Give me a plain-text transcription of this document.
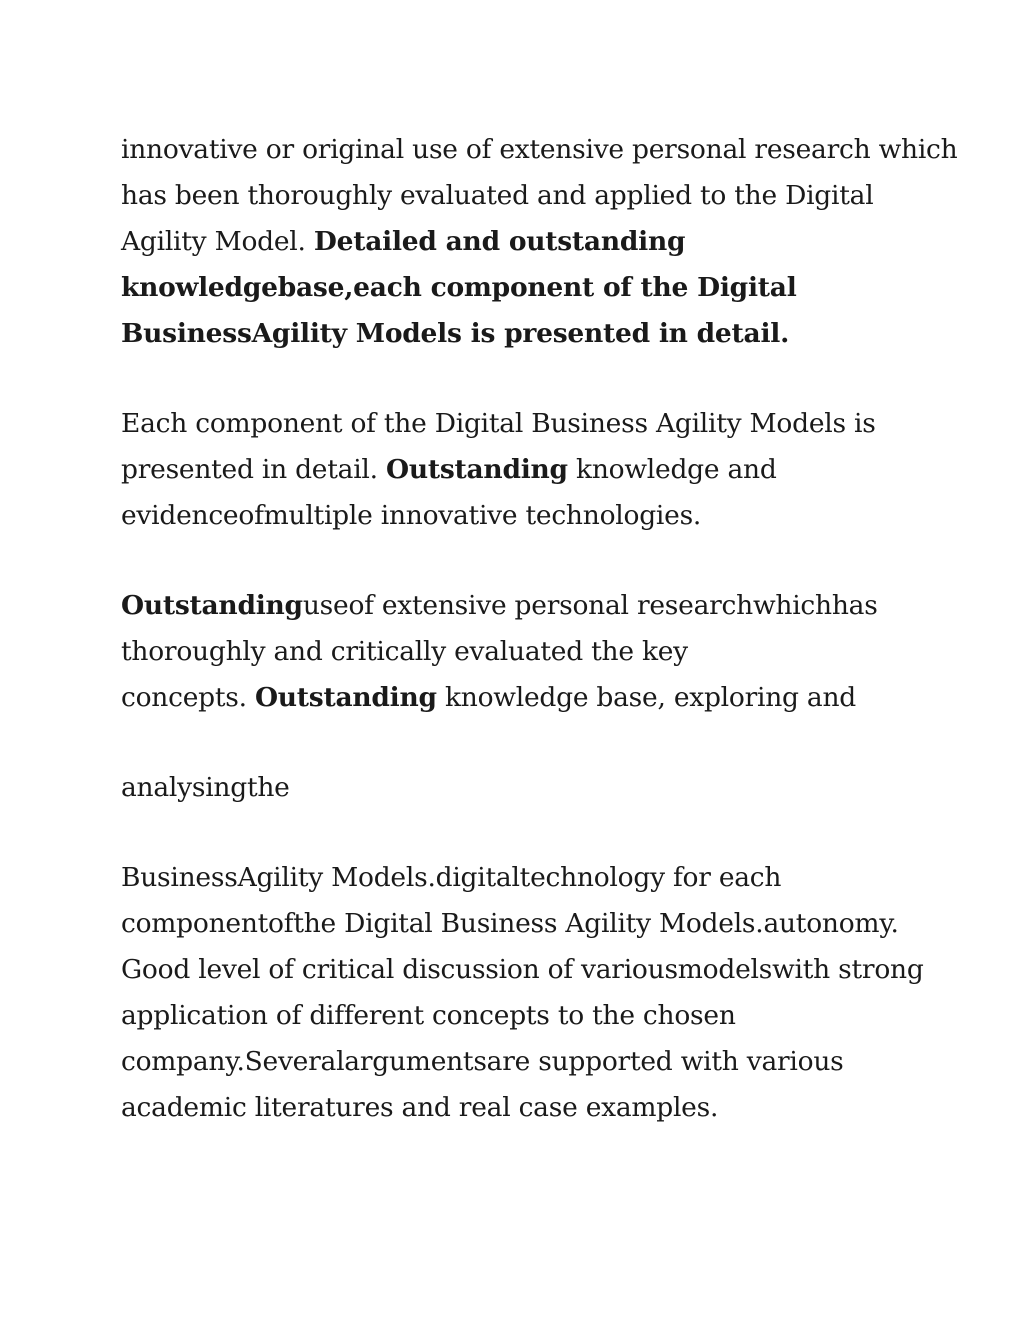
innovative or original use of extensive personal research which
has been thoroughly evaluated and applied to the Digital
Agility Model. Detailed and outstanding
knowledgebase,each component of the Digital
BusinessAgility Models is presented in detail.

Each component of the Digital Business Agility Models is
presented in detail. Outstanding knowledge and
evidenceofmultiple innovative technologies.

Outstandinguseof extensive personal researchwhichhas
thoroughly and critically evaluated the key
concepts. Outstanding knowledge base, exploring and

analysingthe

BusinessAgility Models.digitaltechnology for each
componentofthe Digital Business Agility Models.autonomy.
Good level of critical discussion of variousmodelswith strong
application of different concepts to the chosen
company.Severalargumentsare supported with various
academic literatures and real case examples.
